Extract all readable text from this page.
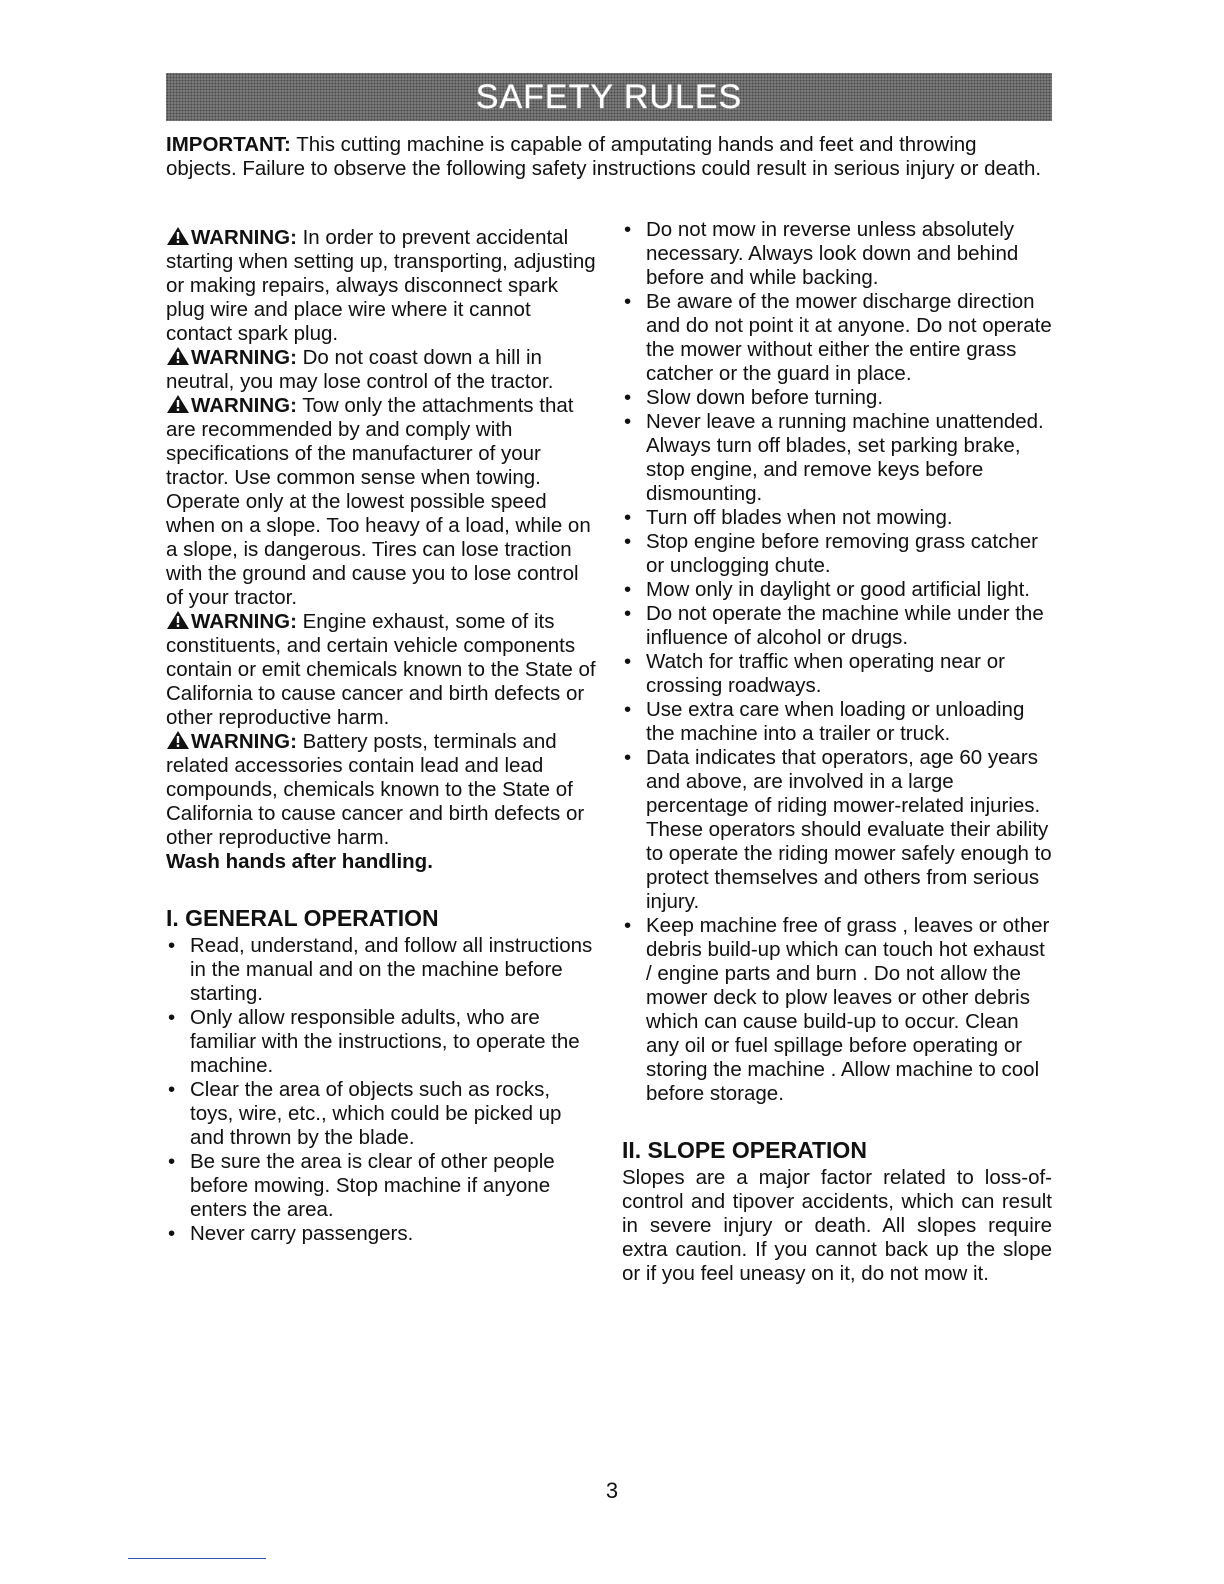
SAFETY RULES

IMPORTANT: This cutting machine is capable of amputating hands and feet and throwing objects. Failure to observe the following safety instructions could result in serious injury or death.

WARNING: In order to prevent accidental starting when setting up, transporting, adjusting or making repairs, always disconnect spark plug wire and place wire where it cannot contact spark plug.

WARNING: Do not coast down a hill in neutral, you may lose control of the tractor.

WARNING: Tow only the attachments that are recommended by and comply with specifications of the manufacturer of your tractor. Use common sense when towing. Operate only at the lowest possible speed when on a slope. Too heavy of a load, while on a slope, is dangerous. Tires can lose traction with the ground and cause you to lose control of your tractor.

WARNING: Engine exhaust, some of its constituents, and certain vehicle components contain or emit chemicals known to the State of California to cause cancer and birth defects or other reproductive harm.

WARNING: Battery posts, terminals and related accessories contain lead and lead compounds, chemicals known to the State of California to cause cancer and birth defects or other reproductive harm.
Wash hands after handling.

I. GENERAL OPERATION
• Read, understand, and follow all instructions in the manual and on the machine before starting.
• Only allow responsible adults, who are familiar with the instructions, to operate the machine.
• Clear the area of objects such as rocks, toys, wire, etc., which could be picked up and thrown by the blade.
• Be sure the area is clear of other people before mowing. Stop machine if anyone enters the area.
• Never carry passengers.
• Do not mow in reverse unless absolutely necessary. Always look down and behind before and while backing.
• Be aware of the mower discharge direction and do not point it at anyone. Do not operate the mower without either the entire grass catcher or the guard in place.
• Slow down before turning.
• Never leave a running machine unattended. Always turn off blades, set parking brake, stop engine, and remove keys before dismounting.
• Turn off blades when not mowing.
• Stop engine before removing grass catcher or unclogging chute.
• Mow only in daylight or good artificial light.
• Do not operate the machine while under the influence of alcohol or drugs.
• Watch for traffic when operating near or crossing roadways.
• Use extra care when loading or unloading the machine into a trailer or truck.
• Data indicates that operators, age 60 years and above, are involved in a large percentage of riding mower-related injuries. These operators should evaluate their ability to operate the riding mower safely enough to protect themselves and others from serious injury.
• Keep machine free of grass , leaves or other debris build-up which can touch hot exhaust / engine parts and burn . Do not allow the mower deck to plow leaves or other debris which can cause build-up to occur. Clean any oil or fuel spillage before operating or storing the machine . Allow machine to cool before storage.
II. SLOPE OPERATION

Slopes are a major factor related to loss-of-control and tipover accidents, which can result in severe injury or death. All slopes require extra caution. If you cannot back up the slope or if you feel uneasy on it, do not mow it.

3
